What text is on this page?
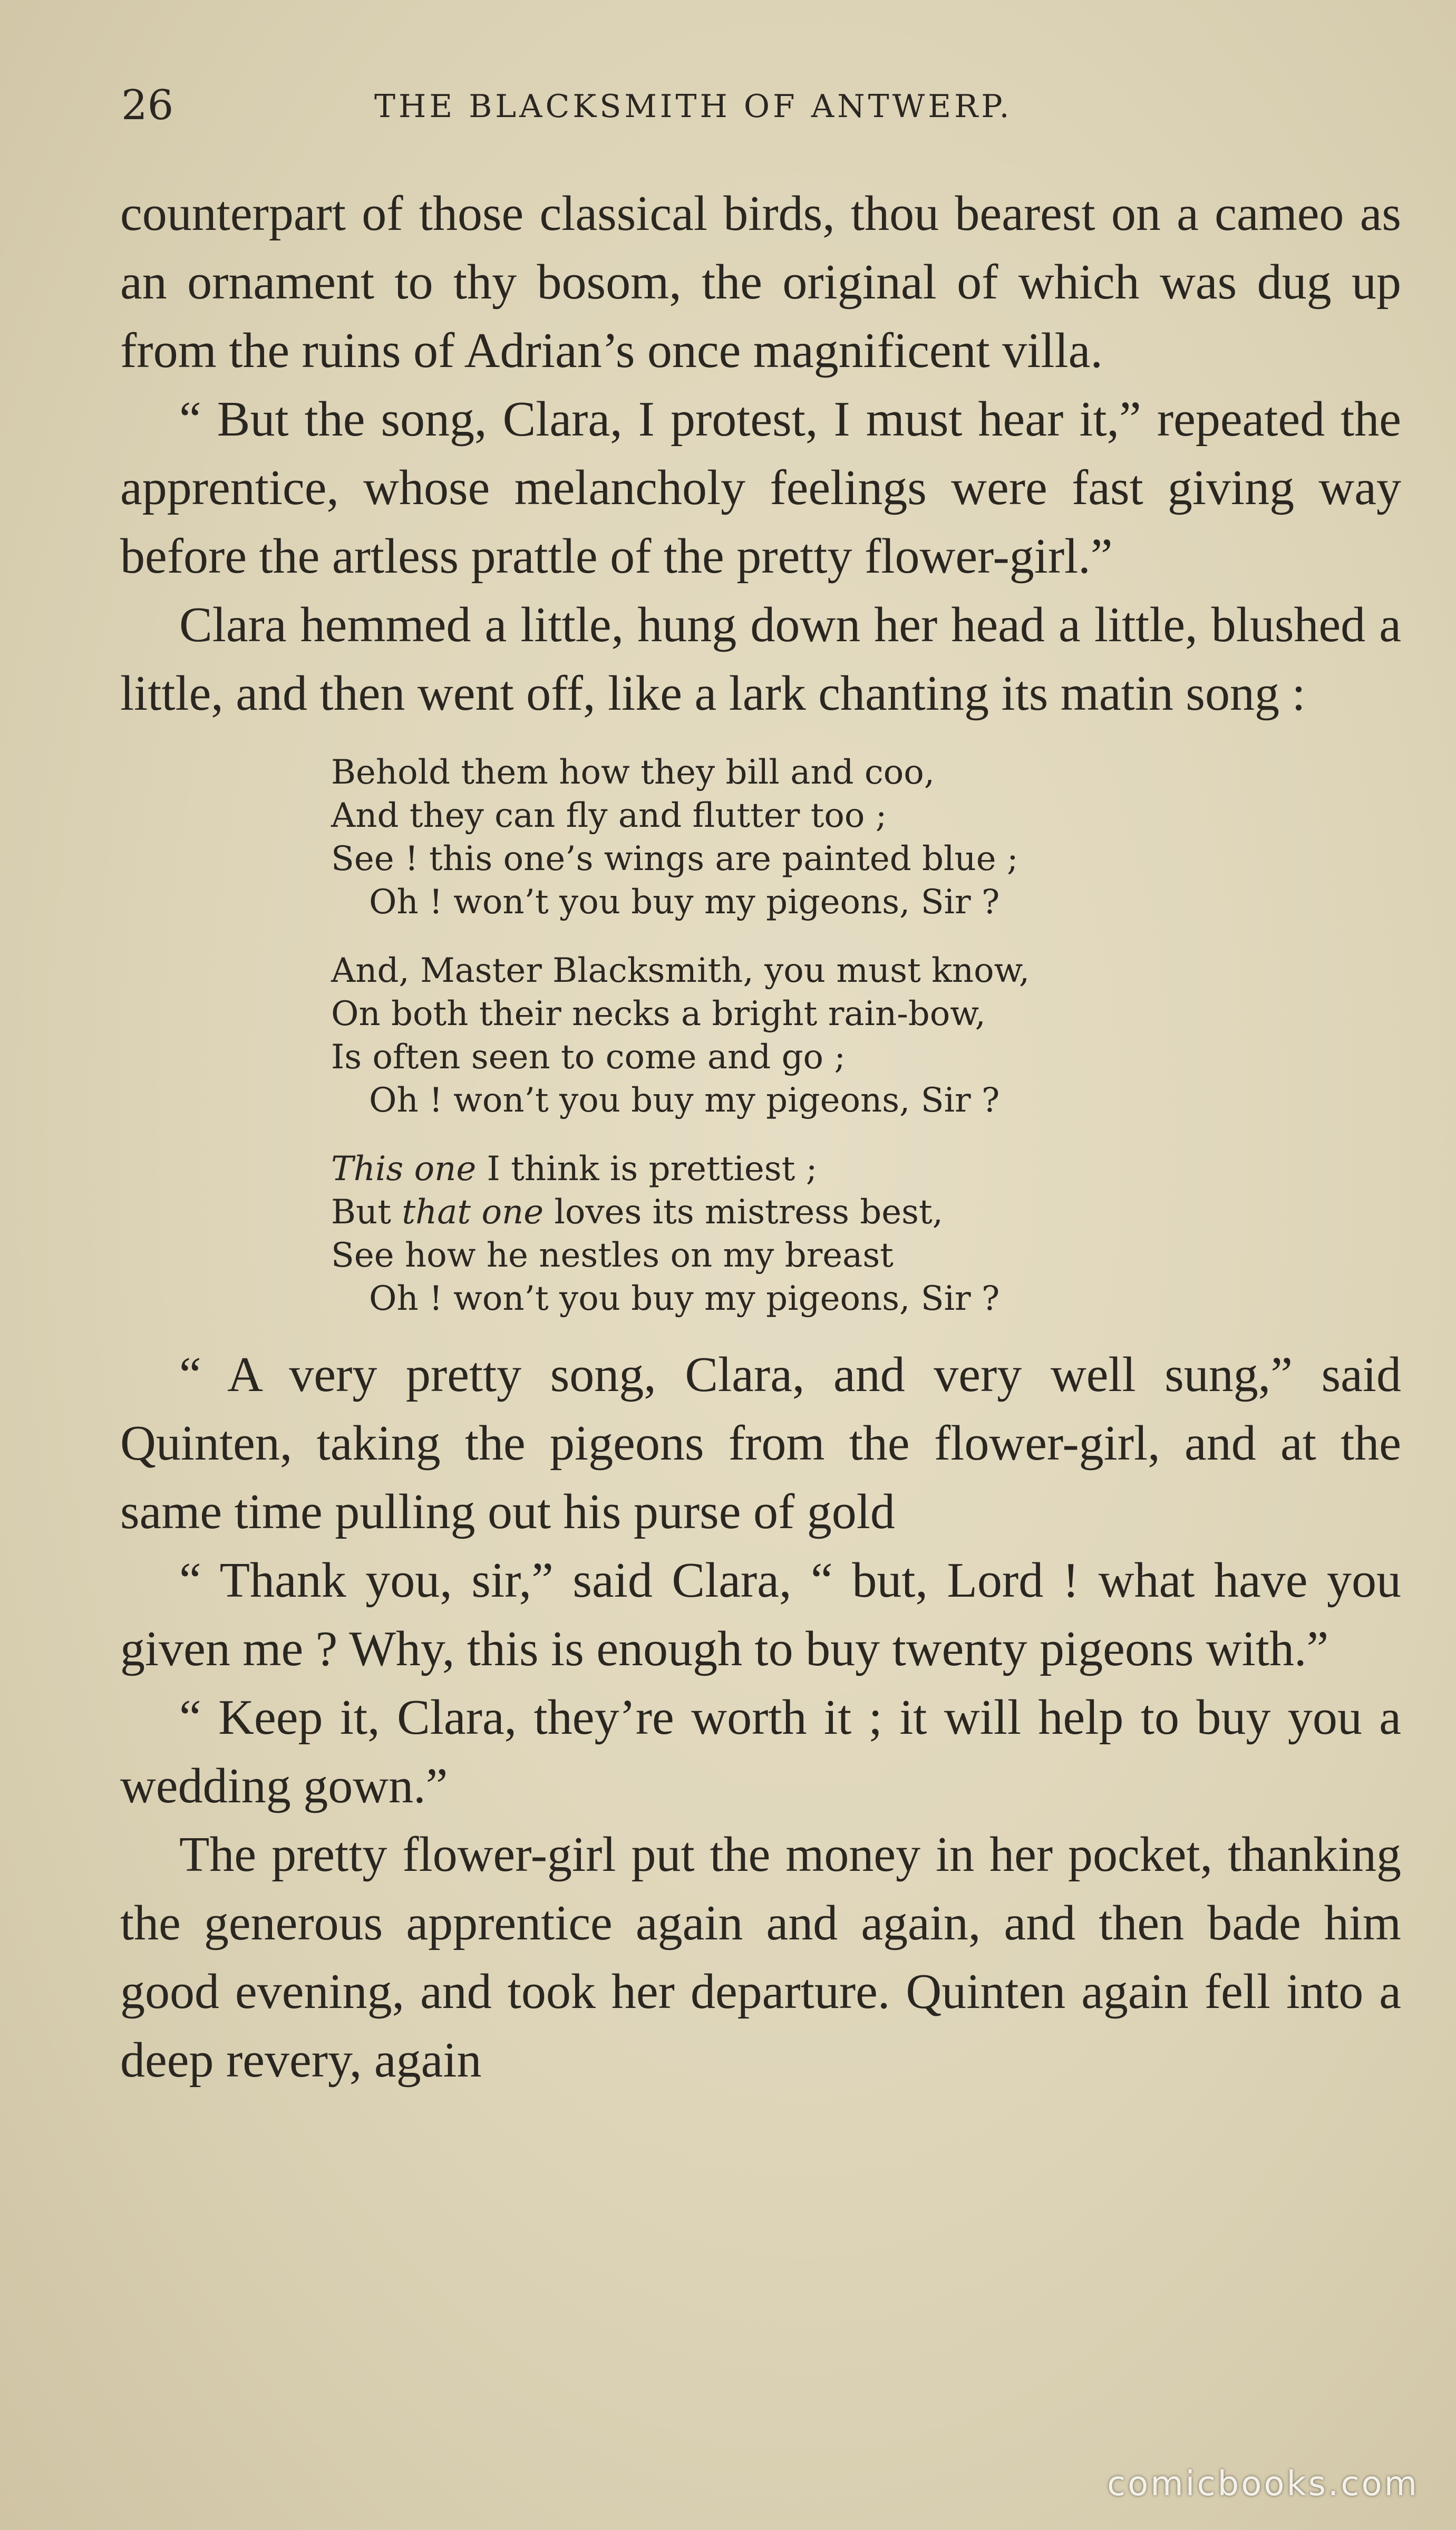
26	THE BLACKSMITH OF ANTWERP.

counterpart of those classical birds, thou bearest on a cameo as an ornament to thy bosom, the original of which was dug up from the ruins of Adrian’s once magnificent villa.

“ But the song, Clara, I protest, I must hear it,” repeated the apprentice, whose melancholy feelings were fast giving way before the artless prattle of the pretty flower-girl.”

Clara hemmed a little, hung down her head a little, blushed a little, and then went off, like a lark chanting its matin song :

Behold them how they bill and coo,
And they can fly and flutter too ;
See ! this one’s wings are painted blue ;
Oh ! won’t you buy my pigeons, Sir ?
And, Master Blacksmith, you must know,
On both their necks a bright rain-bow,
Is often seen to come and go ;
Oh ! won’t you buy my pigeons, Sir ?
This one I think is prettiest ;
But that one loves its mistress best,
See how he nestles on my breast
Oh ! won’t you buy my pigeons, Sir ?

“ A very pretty song, Clara, and very well sung,” said Quinten, taking the pigeons from the flower-girl, and at the same time pulling out his purse of gold

“ Thank you, sir,” said Clara, “ but, Lord ! what have you given me ? Why, this is enough to buy twenty pigeons with.”

“ Keep it, Clara, they’re worth it ; it will help to buy you a wedding gown.”

The pretty flower-girl put the money in her pocket, thanking the generous apprentice again and again, and then bade him good evening, and took her departure. Quinten again fell into a deep revery, again

comicbooks.com
